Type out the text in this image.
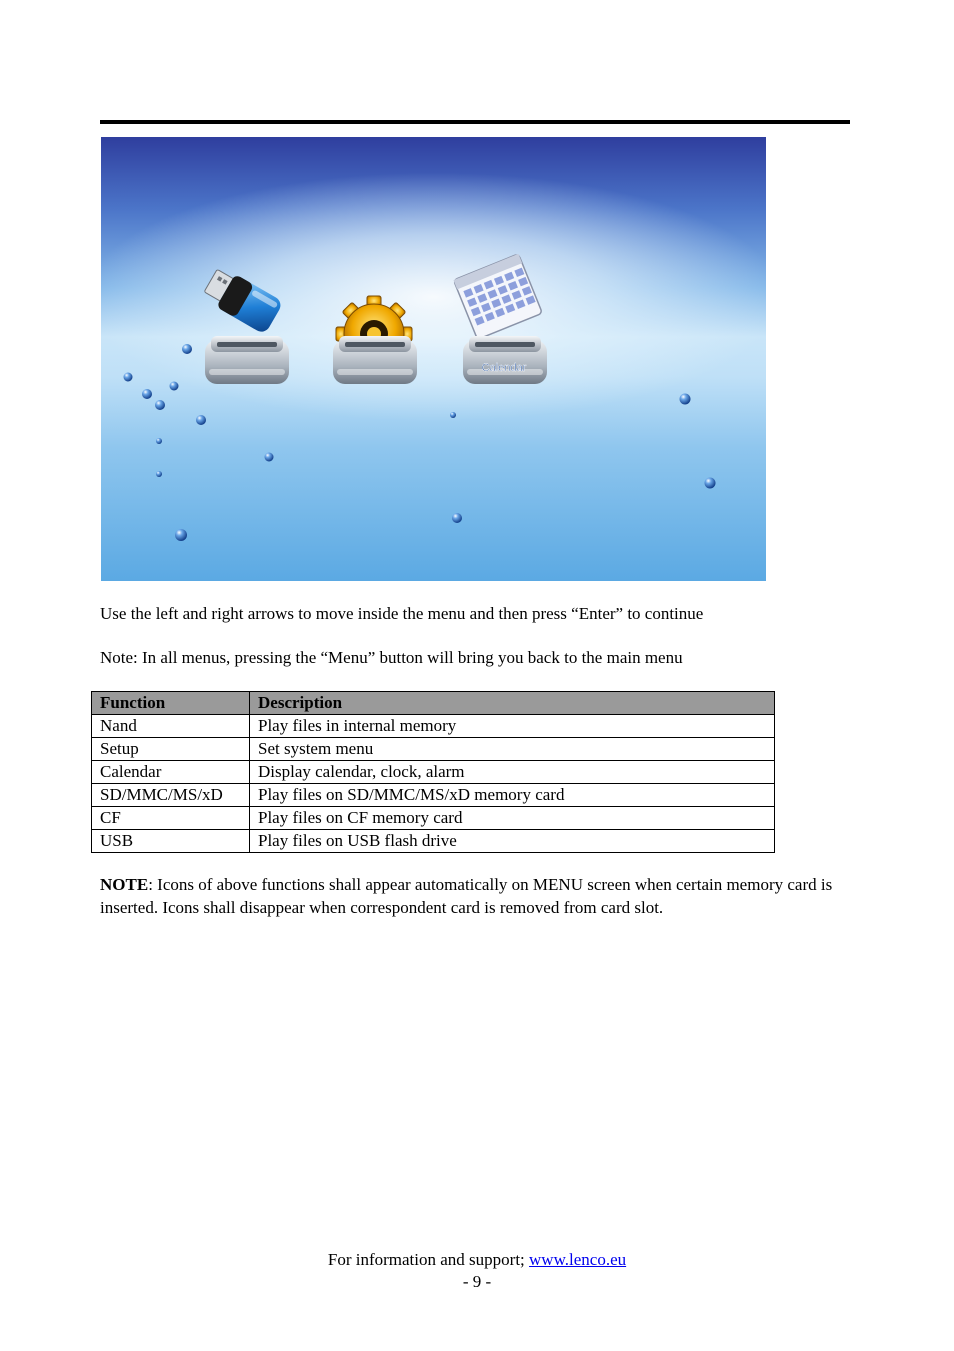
Calendar

Use the left and right arrows to move inside the menu and then press “Enter” to continue

Note: In all menus, pressing the “Menu” button will bring you back to the main menu

Function	Description
Nand	Play files in internal memory
Setup	Set system menu
Calendar	Display calendar, clock, alarm
SD/MMC/MS/xD	Play files on SD/MMC/MS/xD memory card
CF	Play files on CF memory card
USB	Play files on USB flash drive

NOTE: Icons of above functions shall appear automatically on MENU screen when certain memory card is inserted. Icons shall disappear when correspondent card is removed from card slot.

For information and support; www.lenco.eu
- 9 -
